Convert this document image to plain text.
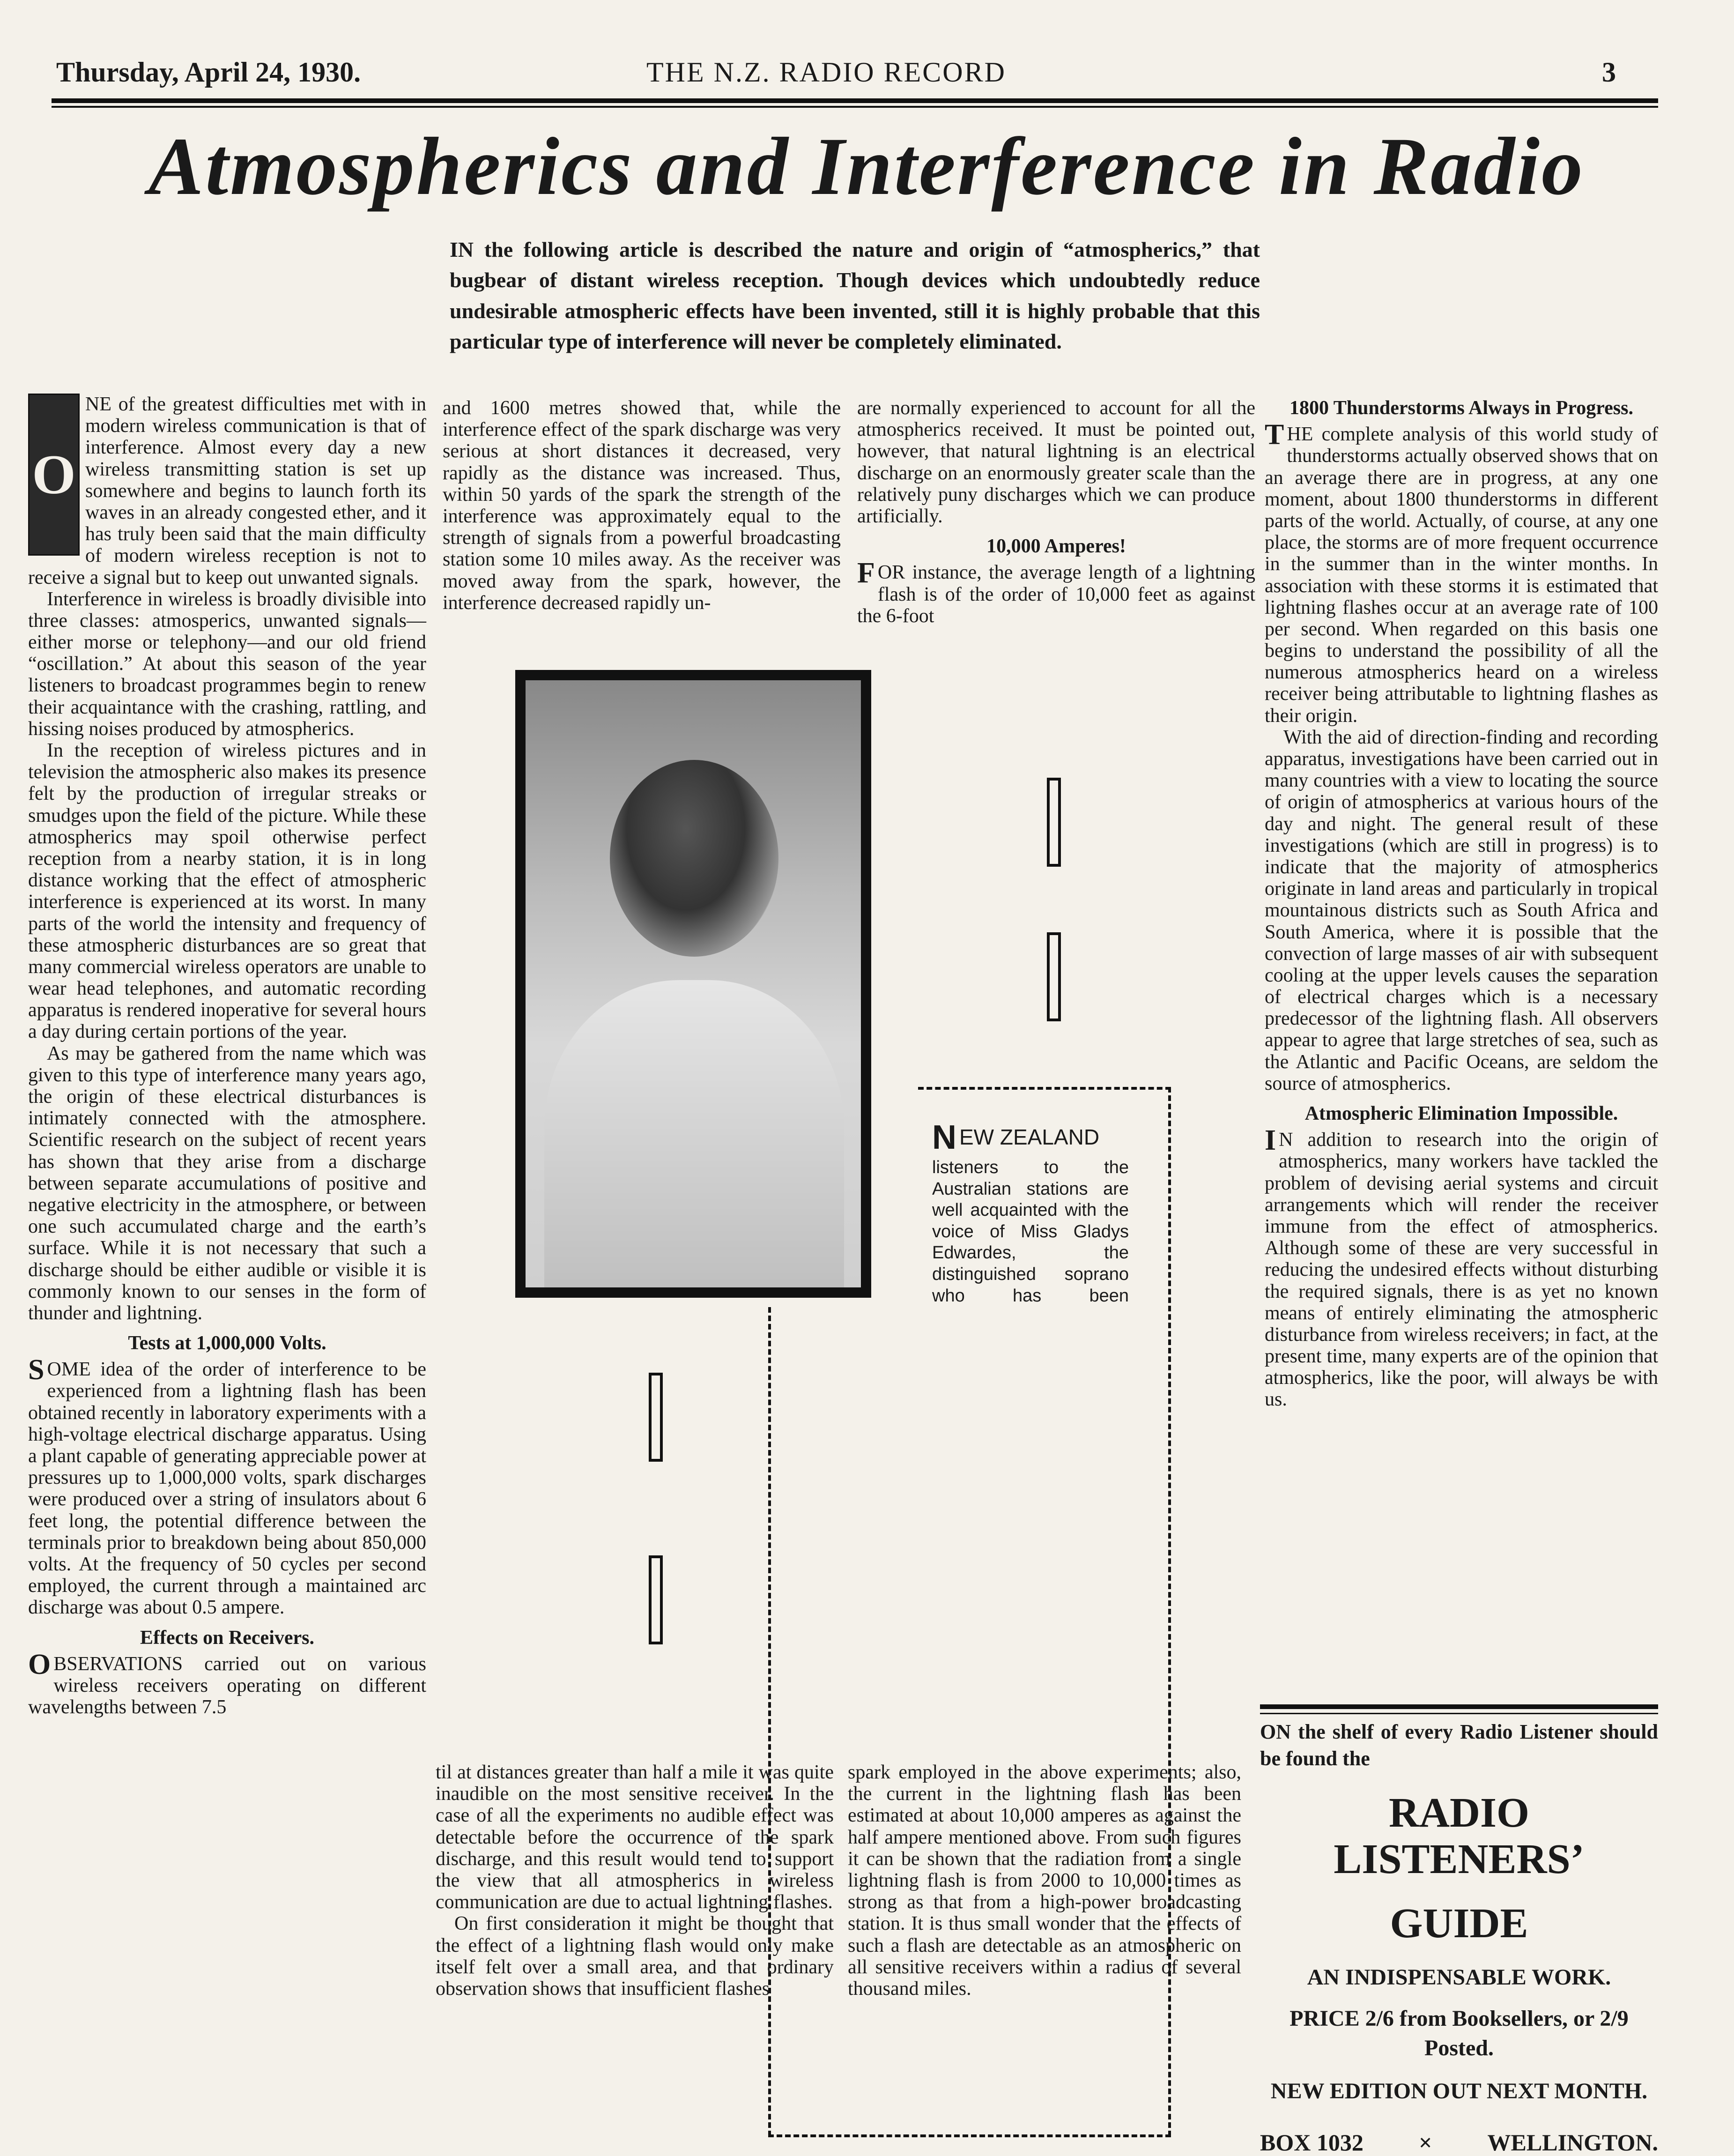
Thursday, April 24, 1930.	THE N.Z. RADIO RECORD	3
Atmospherics and Interference in Radio
IN the following article is described the nature and origin of “atmospherics,” that bugbear of distant wireless reception. Though devices which undoubtedly reduce undesirable atmospheric effects have been invented, still it is highly probable that this particular type of interference will never be completely eliminated.
O

NE of the greatest difficulties met with in modern wireless communication is that of interference. Almost every day a new wireless transmitting station is set up somewhere and begins to launch forth its waves in an already congested ether, and it has truly been said that the main difficulty of modern wireless reception is not to receive a signal but to keep out unwanted signals.

Interference in wireless is broadly divisible into three classes: atmosperics, unwanted signals—either morse or telephony—and our old friend “oscillation.” At about this season of the year listeners to broadcast programmes begin to renew their acquaintance with the crashing, rattling, and hissing noises produced by atmospherics.

In the reception of wireless pictures and in television the atmospheric also makes its presence felt by the production of irregular streaks or smudges upon the field of the picture. While these atmospherics may spoil otherwise perfect reception from a nearby station, it is in long distance working that the effect of atmospheric interference is experienced at its worst. In many parts of the world the intensity and frequency of these atmospheric disturbances are so great that many commercial wireless operators are unable to wear head telephones, and automatic recording apparatus is rendered inoperative for several hours a day during certain portions of the year.

As may be gathered from the name which was given to this type of interference many years ago, the origin of these electrical disturbances is intimately connected with the atmosphere. Scientific research on the subject of recent years has shown that they arise from a discharge between separate accumulations of positive and negative electricity in the atmosphere, or between one such accumulated charge and the earth’s surface. While it is not necessary that such a discharge should be either audible or visible it is commonly known to our senses in the form of thunder and lightning.

Tests at 1,000,000 Volts.

S OME idea of the order of interference to be experienced from a lightning flash has been obtained recently in laboratory experiments with a high-voltage electrical discharge apparatus. Using a plant capable of generating appreciable power at pressures up to 1,000,000 volts, spark discharges were produced over a string of insulators about 6 feet long, the potential difference between the terminals prior to breakdown being about 850,000 volts. At the frequency of 50 cycles per second employed, the current through a maintained arc discharge was about 0.5 ampere.

Effects on Receivers.

O BSERVATIONS carried out on various wireless receivers operating on different wavelengths between 7.5

and 1600 metres showed that, while the interference effect of the spark discharge was very serious at short distances it decreased, very rapidly as the distance was increased. Thus, within 50 yards of the spark the strength of the interference was approximately equal to the strength of signals from a powerful broadcasting station some 10 miles away. As the receiver was moved away from the spark, however, the interference decreased rapidly un-

are normally experienced to account for all the atmospherics received. It must be pointed out, however, that natural lightning is an electrical discharge on an enormously greater scale than the relatively puny discharges which we can produce artificially.

10,000 Amperes!

F OR instance, the average length of a lightning flash is of the order of 10,000 feet as against the 6-foot

NEW ZEALAND
listeners to the Australian stations are well acquainted with the voice of Miss Gladys Edwardes, the distinguished soprano who has been

til at distances greater than half a mile it was quite inaudible on the most sensitive receiver. In the case of all the experiments no audible effect was detectable before the occurrence of the spark discharge, and this result would tend to support the view that all atmospherics in wireless communication are due to actual lightning flashes.

On first consideration it might be thought that the effect of a lightning flash would only make itself felt over a small area, and that ordinary observation shows that insufficient flashes

spark employed in the above experiments; also, the current in the lightning flash has been estimated at about 10,000 amperes as against the half ampere mentioned above. From such figures it can be shown that the radiation from a single lightning flash is from 2000 to 10,000 times as strong as that from a high-power broadcasting station. It is thus small wonder that the effects of such a flash are detectable as an atmospheric on all sensitive receivers within a radius of several thousand miles.

1800 Thunderstorms Always in Progress.

T HE complete analysis of this world study of thunderstorms actually observed shows that on an average there are in progress, at any one moment, about 1800 thunderstorms in different parts of the world. Actually, of course, at any one place, the storms are of more frequent occurrence in the summer than in the winter months. In association with these storms it is estimated that lightning flashes occur at an average rate of 100 per second. When regarded on this basis one begins to understand the possibility of all the numerous atmospherics heard on a wireless receiver being attributable to lightning flashes as their origin.

With the aid of direction-finding and recording apparatus, investigations have been carried out in many countries with a view to locating the source of origin of atmospherics at various hours of the day and night. The general result of these investigations (which are still in progress) is to indicate that the majority of atmospherics originate in land areas and particularly in tropical mountainous districts such as South Africa and South America, where it is possible that the convection of large masses of air with subsequent cooling at the upper levels causes the separation of electrical charges which is a necessary predecessor of the lightning flash. All observers appear to agree that large stretches of sea, such as the Atlantic and Pacific Oceans, are seldom the source of atmospherics.

Atmospheric Elimination Impossible.

I N addition to research into the origin of atmospherics, many workers have tackled the problem of devising aerial systems and circuit arrangements which will render the receiver immune from the effect of atmospherics. Although some of these are very successful in reducing the undesired effects without disturbing the required signals, there is as yet no known means of entirely eliminating the atmospheric disturbance from wireless receivers; in fact, at the present time, many experts are of the opinion that atmospherics, like the poor, will always be with us.

ON the shelf of every Radio Listener should be found the
RADIO LISTENERS’
GUIDE
AN INDISPENSABLE WORK.
PRICE 2/6 from Booksellers, or 2/9 Posted.
NEW EDITION OUT NEXT MONTH.
BOX 1032 × WELLINGTON.
